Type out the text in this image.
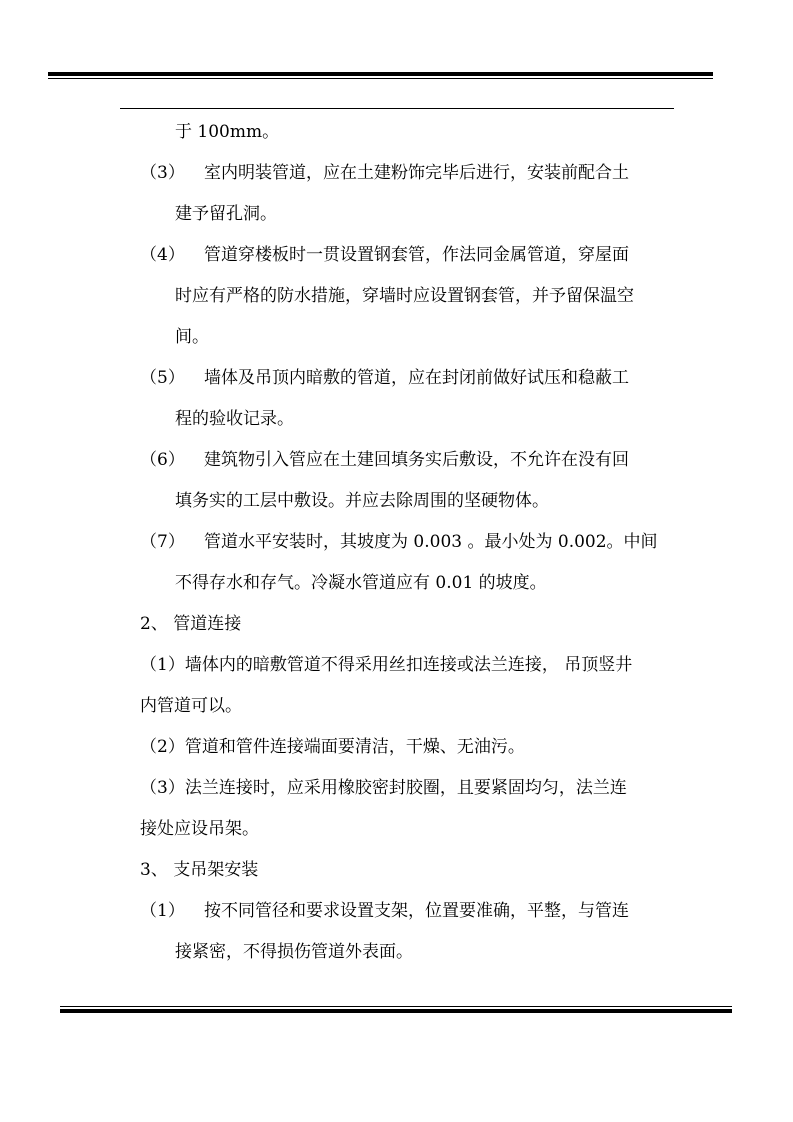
于 100mm。
（3） 室内明装管道，应在土建粉饰完毕后进行，安装前配合土
建予留孔洞。
（4） 管道穿楼板时一贯设置钢套管，作法同金属管道，穿屋面
时应有严格的防水措施，穿墙时应设置钢套管，并予留保温空
间。
（5） 墙体及吊顶内暗敷的管道，应在封闭前做好试压和稳蔽工
程的验收记录。
（6） 建筑物引入管应在土建回填务实后敷设，不允许在没有回
填务实的工层中敷设。并应去除周围的坚硬物体。
（7） 管道水平安装时，其坡度为 0.003 。最小处为 0.002。中间
不得存水和存气。冷凝水管道应有 0.01 的坡度。
2、 管道连接
（1）墙体内的暗敷管道不得采用丝扣连接或法兰连接， 吊顶竖井
内管道可以。
（2）管道和管件连接端面要清洁，干燥、无油污。
（3）法兰连接时，应采用橡胶密封胶圈，且要紧固均匀，法兰连
接处应设吊架。
3、 支吊架安装
（1） 按不同管径和要求设置支架，位置要准确，平整，与管连
接紧密，不得损伤管道外表面。
